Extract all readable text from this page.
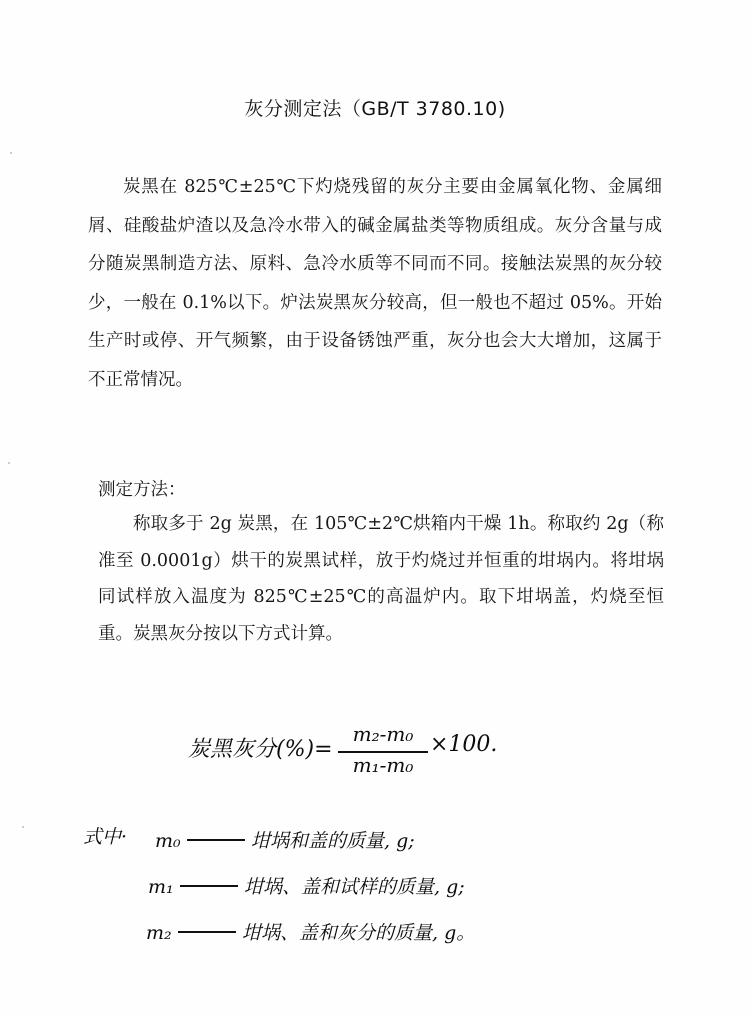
灰分测定法（GB/T 3780.10)
炭黑在 825℃±25℃下灼烧残留的灰分主要由金属氧化物、金属细屑、硅酸盐炉渣以及急冷水带入的碱金属盐类等物质组成。灰分含量与成分随炭黑制造方法、原料、急冷水质等不同而不同。接触法炭黑的灰分较少，一般在 0.1%以下。炉法炭黑灰分较高，但一般也不超过 05%。开始生产时或停、开气频繁，由于设备锈蚀严重，灰分也会大大增加，这属于不正常情况。
测定方法：
称取多于 2g 炭黑，在 105℃±2℃烘箱内干燥 1h。称取约 2g（称准至 0.0001g）烘干的炭黑试样，放于灼烧过并恒重的坩埚内。将坩埚同试样放入温度为 825℃±25℃的高温炉内。取下坩埚盖，灼烧至恒重。炭黑灰分按以下方式计算。
炭黑灰分(%)=
m₂-m₀
m₁-m₀
×100.
式中· m₀	坩埚和盖的质量, g;
m₁	坩埚、盖和试样的质量, g;
m₂	坩埚、盖和灰分的质量, g。
